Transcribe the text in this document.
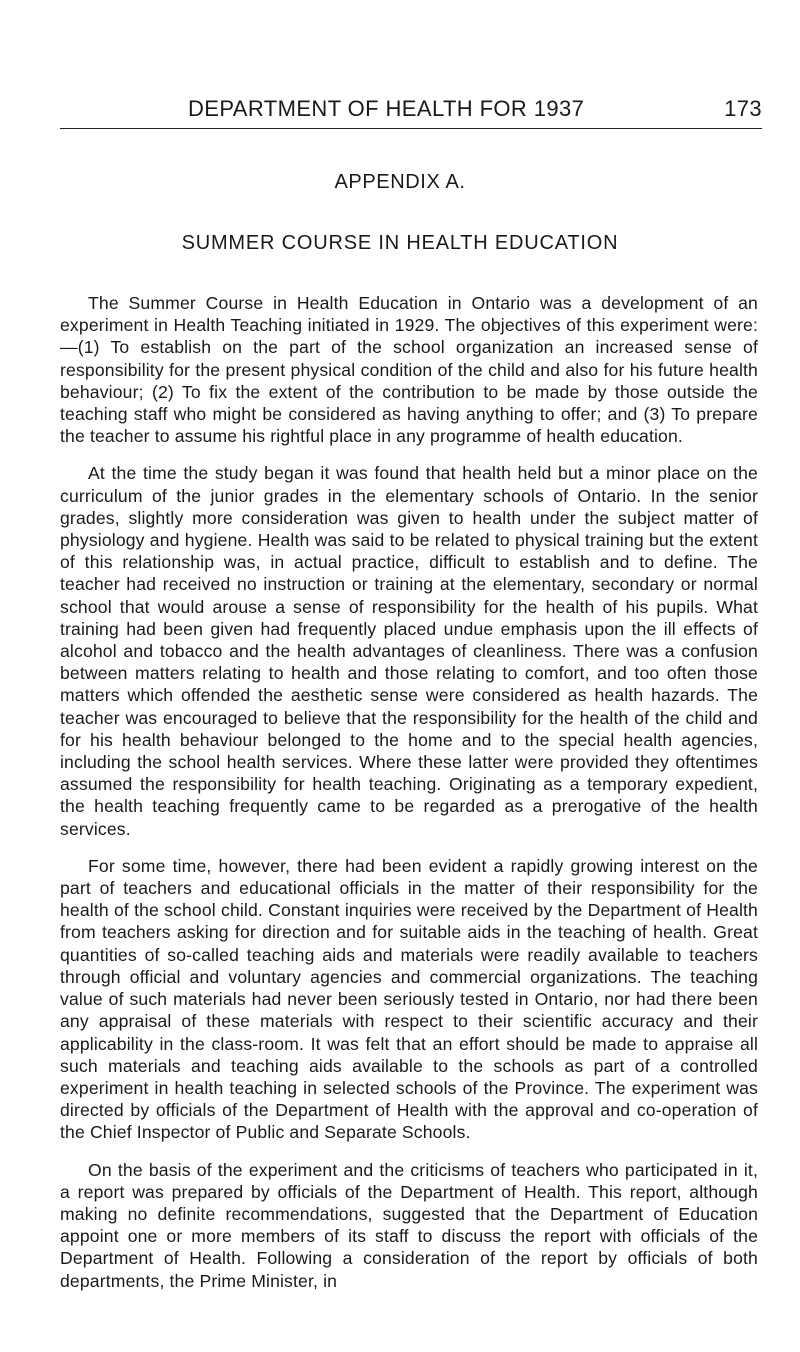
DEPARTMENT OF HEALTH FOR 1937	173
APPENDIX A.
SUMMER COURSE IN HEALTH EDUCATION

The Summer Course in Health Education in Ontario was a development of an experiment in Health Teaching initiated in 1929. The objectives of this experiment were:—(1) To establish on the part of the school organization an increased sense of responsibility for the present physical condition of the child and also for his future health behaviour; (2) To fix the extent of the contribution to be made by those outside the teaching staff who might be considered as having anything to offer; and (3) To prepare the teacher to assume his rightful place in any programme of health education.

At the time the study began it was found that health held but a minor place on the curriculum of the junior grades in the elementary schools of Ontario. In the senior grades, slightly more consideration was given to health under the subject matter of physiology and hygiene. Health was said to be related to physical training but the extent of this relationship was, in actual practice, difficult to establish and to define. The teacher had received no instruction or training at the elementary, secondary or normal school that would arouse a sense of responsibility for the health of his pupils. What training had been given had frequently placed undue emphasis upon the ill effects of alcohol and tobacco and the health advantages of cleanliness. There was a confusion between matters relating to health and those relating to comfort, and too often those matters which offended the aesthetic sense were considered as health hazards. The teacher was encouraged to believe that the responsibility for the health of the child and for his health behaviour belonged to the home and to the special health agencies, including the school health services. Where these latter were provided they oftentimes assumed the responsibility for health teaching. Originating as a temporary expedient, the health teaching frequently came to be regarded as a prerogative of the health services.

For some time, however, there had been evident a rapidly growing interest on the part of teachers and educational officials in the matter of their responsibility for the health of the school child. Constant inquiries were received by the Department of Health from teachers asking for direction and for suitable aids in the teaching of health. Great quantities of so-called teaching aids and materials were readily available to teachers through official and voluntary agencies and commercial organizations. The teaching value of such materials had never been seriously tested in Ontario, nor had there been any appraisal of these materials with respect to their scientific accuracy and their applicability in the class-room. It was felt that an effort should be made to appraise all such materials and teaching aids available to the schools as part of a controlled experiment in health teaching in selected schools of the Province. The experiment was directed by officials of the Department of Health with the approval and co-operation of the Chief Inspector of Public and Separate Schools.

On the basis of the experiment and the criticisms of teachers who participated in it, a report was prepared by officials of the Department of Health. This report, although making no definite recommendations, suggested that the Department of Education appoint one or more members of its staff to discuss the report with officials of the Department of Health. Following a consideration of the report by officials of both departments, the Prime Minister, in
